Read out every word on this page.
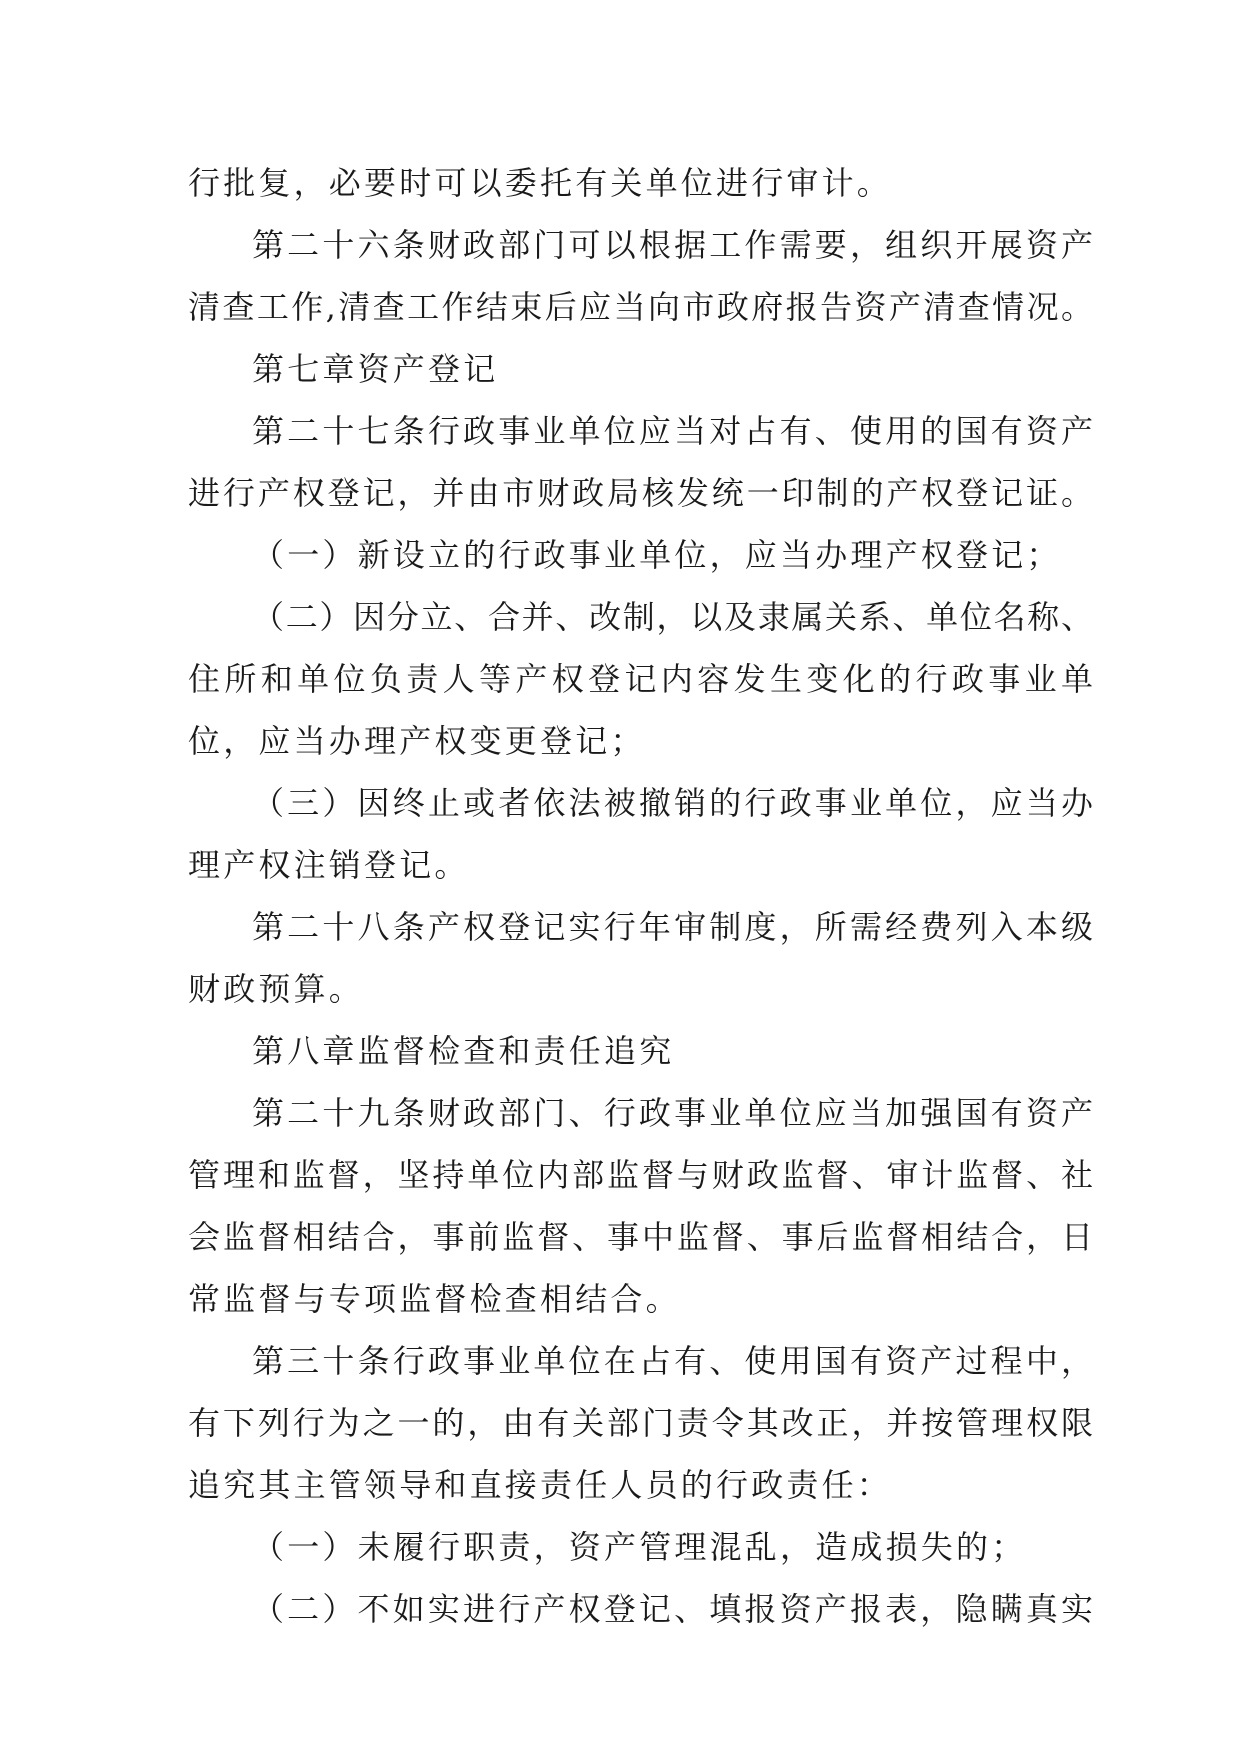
行批复，必要时可以委托有关单位进行审计。
第二十六条财政部门可以根据工作需要，组织开展资产
清查工作,清查工作结束后应当向市政府报告资产清查情况。
第七章资产登记
第二十七条行政事业单位应当对占有、使用的国有资产
进行产权登记，并由市财政局核发统一印制的产权登记证。
（一）新设立的行政事业单位，应当办理产权登记；
（二）因分立、合并、改制，以及隶属关系、单位名称、
住所和单位负责人等产权登记内容发生变化的行政事业单
位，应当办理产权变更登记；
（三）因终止或者依法被撤销的行政事业单位，应当办
理产权注销登记。
第二十八条产权登记实行年审制度，所需经费列入本级
财政预算。
第八章监督检查和责任追究
第二十九条财政部门、行政事业单位应当加强国有资产
管理和监督，坚持单位内部监督与财政监督、审计监督、社
会监督相结合，事前监督、事中监督、事后监督相结合，日
常监督与专项监督检查相结合。
第三十条行政事业单位在占有、使用国有资产过程中，
有下列行为之一的，由有关部门责令其改正，并按管理权限
追究其主管领导和直接责任人员的行政责任：
（一）未履行职责，资产管理混乱，造成损失的；
（二）不如实进行产权登记、填报资产报表，隐瞒真实
